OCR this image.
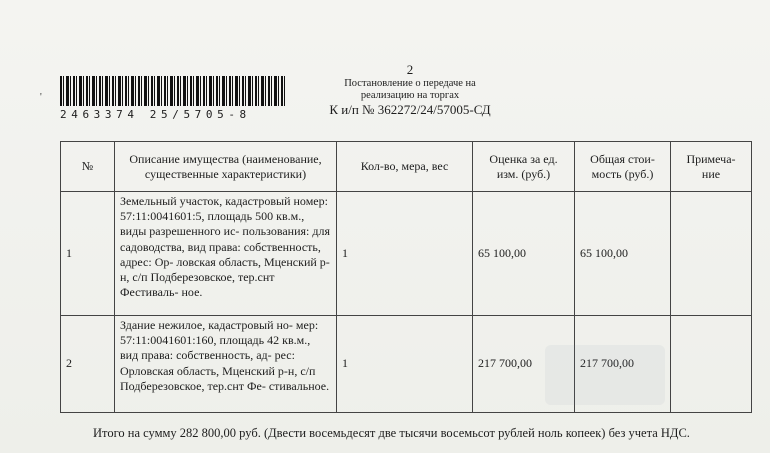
'
2463374 25/5705-8
2
Постановление о передаче на
реализацию на торгах
К и/п № 362272/24/57005-СД
№	Описание имущества (наименование, существенные характеристики)	Кол-во, мера, вес	Оценка за ед. изм. (руб.)	Общая стои- мость (руб.)	Примеча- ние
1	Земельный участок, кадастровый номер: 57:11:0041601:5, площадь 500 кв.м., виды разрешенного ис- пользования: для садоводства, вид права: собственность, адрес: Ор- ловская область, Мценский р-н, с/п Подберезовское, тер.снт Фестиваль- ное.	1	65 100,00	65 100,00	
2	Здание нежилое, кадастровый но- мер: 57:11:0041601:160, площадь 42 кв.м., вид права: собственность, ад- рес: Орловская область, Мценский р-н, с/п Подберезовское, тер.снт Фе- стивальное.	1	217 700,00	217 700,00	
Итого на сумму 282 800,00 руб. (Двести восемьдесят две тысячи восемьсот рублей ноль копеек) без учета НДС.
